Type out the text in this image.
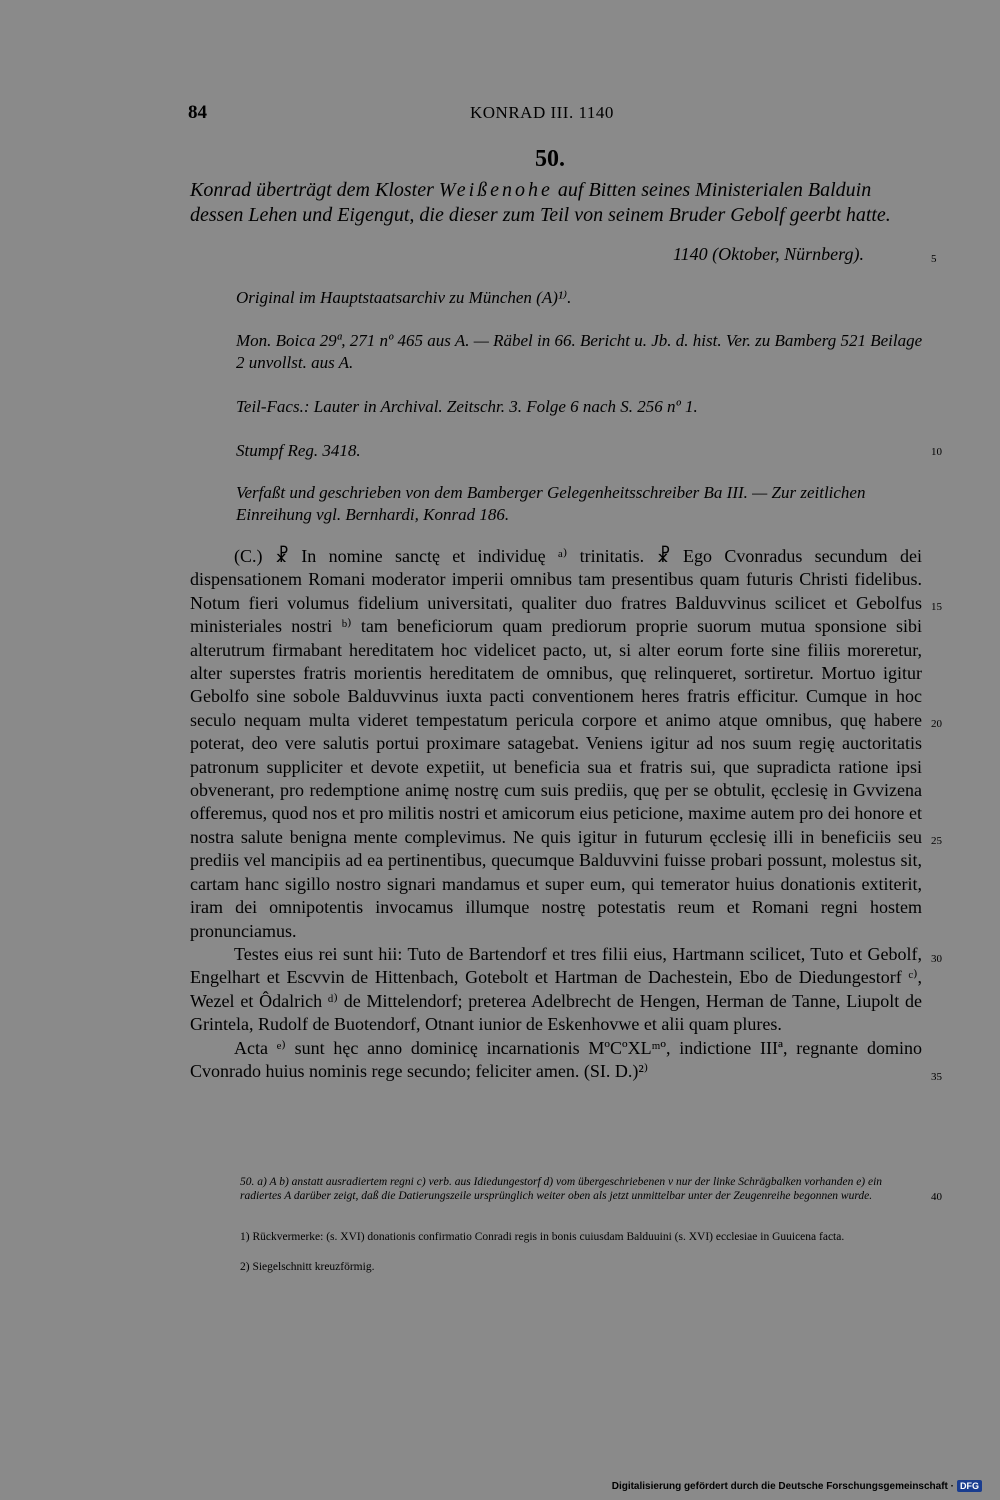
84	KONRAD III. 1140
50.
Konrad überträgt dem Kloster Weißenohe auf Bitten seines Ministerialen Balduin dessen Lehen und Eigengut, die dieser zum Teil von seinem Bruder Gebolf geerbt hatte.
1140 (Oktober, Nürnberg).
Original im Hauptstaatsarchiv zu München (A)¹⁾.
Mon. Boica 29ª, 271 nº 465 aus A. — Räbel in 66. Bericht u. Jb. d. hist. Ver. zu Bamberg 521 Beilage 2 unvollst. aus A.
Teil-Facs.: Lauter in Archival. Zeitschr. 3. Folge 6 nach S. 256 nº 1.
Stumpf Reg. 3418.
Verfaßt und geschrieben von dem Bamberger Gelegenheitsschreiber Ba III. — Zur zeitlichen Einreihung vgl. Bernhardi, Konrad 186.

(C.) ☧ In nomine sanctę et individuę ᵃ⁾ trinitatis. ☧ Ego Cvonradus secundum dei dispensationem Romani moderator imperii omnibus tam presentibus quam futuris Christi fidelibus. Notum fieri volumus fidelium universitati, qualiter duo fratres Balduvvinus scilicet et Gebolfus ministeriales nostri ᵇ⁾ tam beneficiorum quam prediorum proprie suorum mutua sponsione sibi alterutrum firmabant hereditatem hoc videlicet pacto, ut, si alter eorum forte sine filiis moreretur, alter superstes fratris morientis hereditatem de omnibus, quę relinqueret, sortiretur. Mortuo igitur Gebolfo sine sobole Balduvvinus iuxta pacti conventionem heres fratris efficitur. Cumque in hoc seculo nequam multa videret tempestatum pericula corpore et animo atque omnibus, quę habere poterat, deo vere salutis portui proximare satagebat. Veniens igitur ad nos suum regię auctoritatis patronum suppliciter et devote expetiit, ut beneficia sua et fratris sui, que supradicta ratione ipsi obvenerant, pro redemptione animę nostrę cum suis prediis, quę per se obtulit, ęcclesię in Gvvizena offeremus, quod nos et pro militis nostri et amicorum eius peticione, maxime autem pro dei honore et nostra salute benigna mente complevimus. Ne quis igitur in futurum ęcclesię illi in beneficiis seu prediis vel mancipiis ad ea pertinentibus, quecumque Balduvvini fuisse probari possunt, molestus sit, cartam hanc sigillo nostro signari mandamus et super eum, qui temerator huius donationis extiterit, iram dei omnipotentis invocamus illumque nostrę potestatis reum et Romani regni hostem pronunciamus.

Testes eius rei sunt hii: Tuto de Bartendorf et tres filii eius, Hartmann scilicet, Tuto et Gebolf, Engelhart et Escvvin de Hittenbach, Gotebolt et Hartman de Dachestein, Ebo de Diedungestorf ᶜ⁾, Wezel et Ôdalrich ᵈ⁾ de Mittelendorf; preterea Adelbrecht de Hengen, Herman de Tanne, Liupolt de Grintela, Rudolf de Buotendorf, Otnant iunior de Eskenhovwe et alii quam plures.

Acta ᵉ⁾ sunt hęc anno dominicę incarnationis MºCºXLᵐº, indictione IIIª, regnante domino Cvonrado huius nominis rege secundo; feliciter amen. (SI. D.)²⁾

50. a) A b) anstatt ausradiertem regni c) verb. aus Idiedungestorf d) vom übergeschriebenen v nur der linke Schrägbalken vorhanden e) ein radiertes A darüber zeigt, daß die Datierungszeile ursprünglich weiter oben als jetzt unmittelbar unter der Zeugenreihe begonnen wurde.
1) Rückvermerke: (s. XVI) donationis confirmatio Conradi regis in bonis cuiusdam Balduuini (s. XVI) ecclesiae in Guuicena facta.
2) Siegelschnitt kreuzförmig.
5
10
15
20
25
30
35
40
Digitalisierung gefördert durch die Deutsche Forschungsgemeinschaft · DFG
